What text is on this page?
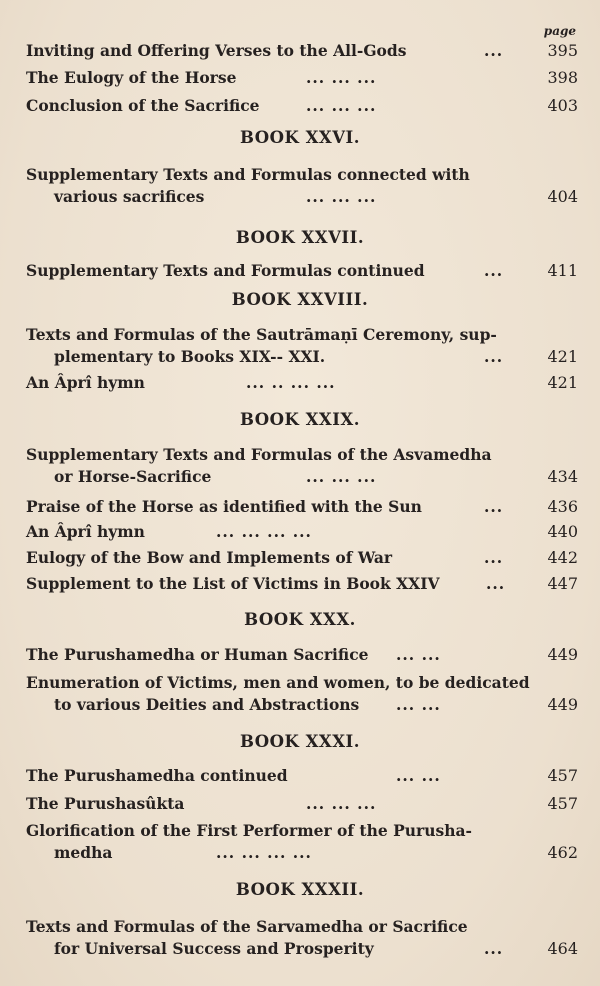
page
Inviting and Offering Verses to the All-Gods	...	395
The Eulogy of the Horse	... ... ...	398
Conclusion of the Sacrifice	... ... ...	403
BOOK XXVI.
Supplementary Texts and Formulas connected with
various sacrifices	... ... ...	404
BOOK XXVII.
Supplementary Texts and Formulas continued	...	411
BOOK XXVIII.
Texts and Formulas of the Sautrāmaṇī Ceremony, sup-
plementary to Books XIX-- XXI.	...	421
An Âprî hymn	... .. ... ...	421
BOOK XXIX.
Supplementary Texts and Formulas of the Asvamedha
or Horse-Sacrifice	... ... ...	434
Praise of the Horse as identified with the Sun	...	436
An Âprî hymn	... ... ... ...	440
Eulogy of the Bow and Implements of War	...	442
Supplement to the List of Victims in Book XXIV	...	447
BOOK XXX.
The Purushamedha or Human Sacrifice ... ...	449
Enumeration of Victims, men and women, to be dedicated
to various Deities and Abstractions ... ...	449
BOOK XXXI.
The Purushamedha continued	... ...	457
The Purushasûkta	... ... ...	457
Glorification of the First Performer of the Purusha-
medha	... ... ... ...	462
BOOK XXXII.
Texts and Formulas of the Sarvamedha or Sacrifice
for Universal Success and Prosperity	...	464
